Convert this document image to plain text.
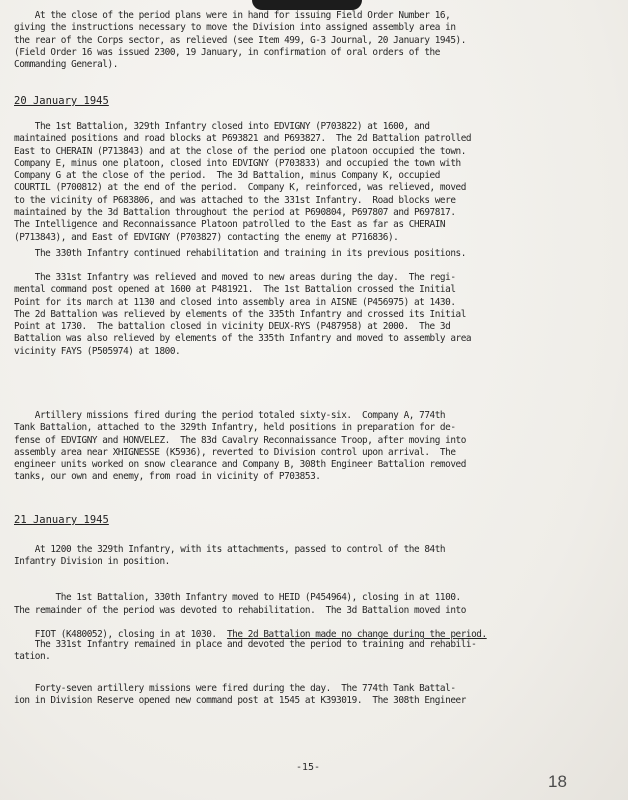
At the close of the period plans were in hand for issuing Field Order Number 16,
giving the instructions necessary to move the Division into assigned assembly area in
the rear of the Corps sector, as relieved (see Item 499, G-3 Journal, 20 January 1945).
(Field Order 16 was issued 2300, 19 January, in confirmation of oral orders of the
Commanding General).
20 January 1945
The 1st Battalion, 329th Infantry closed into EDVIGNY (P703822) at 1600, and
maintained positions and road blocks at P693821 and P693827.  The 2d Battalion patrolled
East to CHERAIN (P713843) and at the close of the period one platoon occupied the town.
Company E, minus one platoon, closed into EDVIGNY (P703833) and occupied the town with
Company G at the close of the period.  The 3d Battalion, minus Company K, occupied
COURTIL (P700812) at the end of the period.  Company K, reinforced, was relieved, moved
to the vicinity of P683806, and was attached to the 331st Infantry.  Road blocks were
maintained by the 3d Battalion throughout the period at P690804, P697807 and P697817.
The Intelligence and Reconnaissance Platoon patrolled to the East as far as CHERAIN
(P713843), and East of EDVIGNY (P703827) contacting the enemy at P716836).
The 330th Infantry continued rehabilitation and training in its previous positions.
The 331st Infantry was relieved and moved to new areas during the day.  The regi-
mental command post opened at 1600 at P481921.  The 1st Battalion crossed the Initial
Point for its march at 1130 and closed into assembly area in AISNE (P456975) at 1430.
The 2d Battalion was relieved by elements of the 335th Infantry and crossed its Initial
Point at 1730.  The battalion closed in vicinity DEUX-RYS (P487958) at 2000.  The 3d
Battalion was also relieved by elements of the 335th Infantry and moved to assembly area
vicinity FAYS (P505974) at 1800.
Artillery missions fired during the period totaled sixty-six.  Company A, 774th
Tank Battalion, attached to the 329th Infantry, held positions in preparation for de-
fense of EDVIGNY and HONVELEZ.  The 83d Cavalry Reconnaissance Troop, after moving into
assembly area near XHIGNESSE (K5936), reverted to Division control upon arrival.  The
engineer units worked on snow clearance and Company B, 308th Engineer Battalion removed
tanks, our own and enemy, from road in vicinity of P703853.
21 January 1945
At 1200 the 329th Infantry, with its attachments, passed to control of the 84th
Infantry Division in position.

The 1st Battalion, 330th Infantry moved to HEID (P454964), closing in at 1100.
The remainder of the period was devoted to rehabilitation.  The 3d Battalion moved into

FIOT (K480052), closing in at 1030.  The 2d Battalion made no change during the period.

The 331st Infantry remained in place and devoted the period to training and rehabili-
tation.
Forty-seven artillery missions were fired during the day.  The 774th Tank Battal-
ion in Division Reserve opened new command post at 1545 at K393019.  The 308th Engineer
-15-
18
